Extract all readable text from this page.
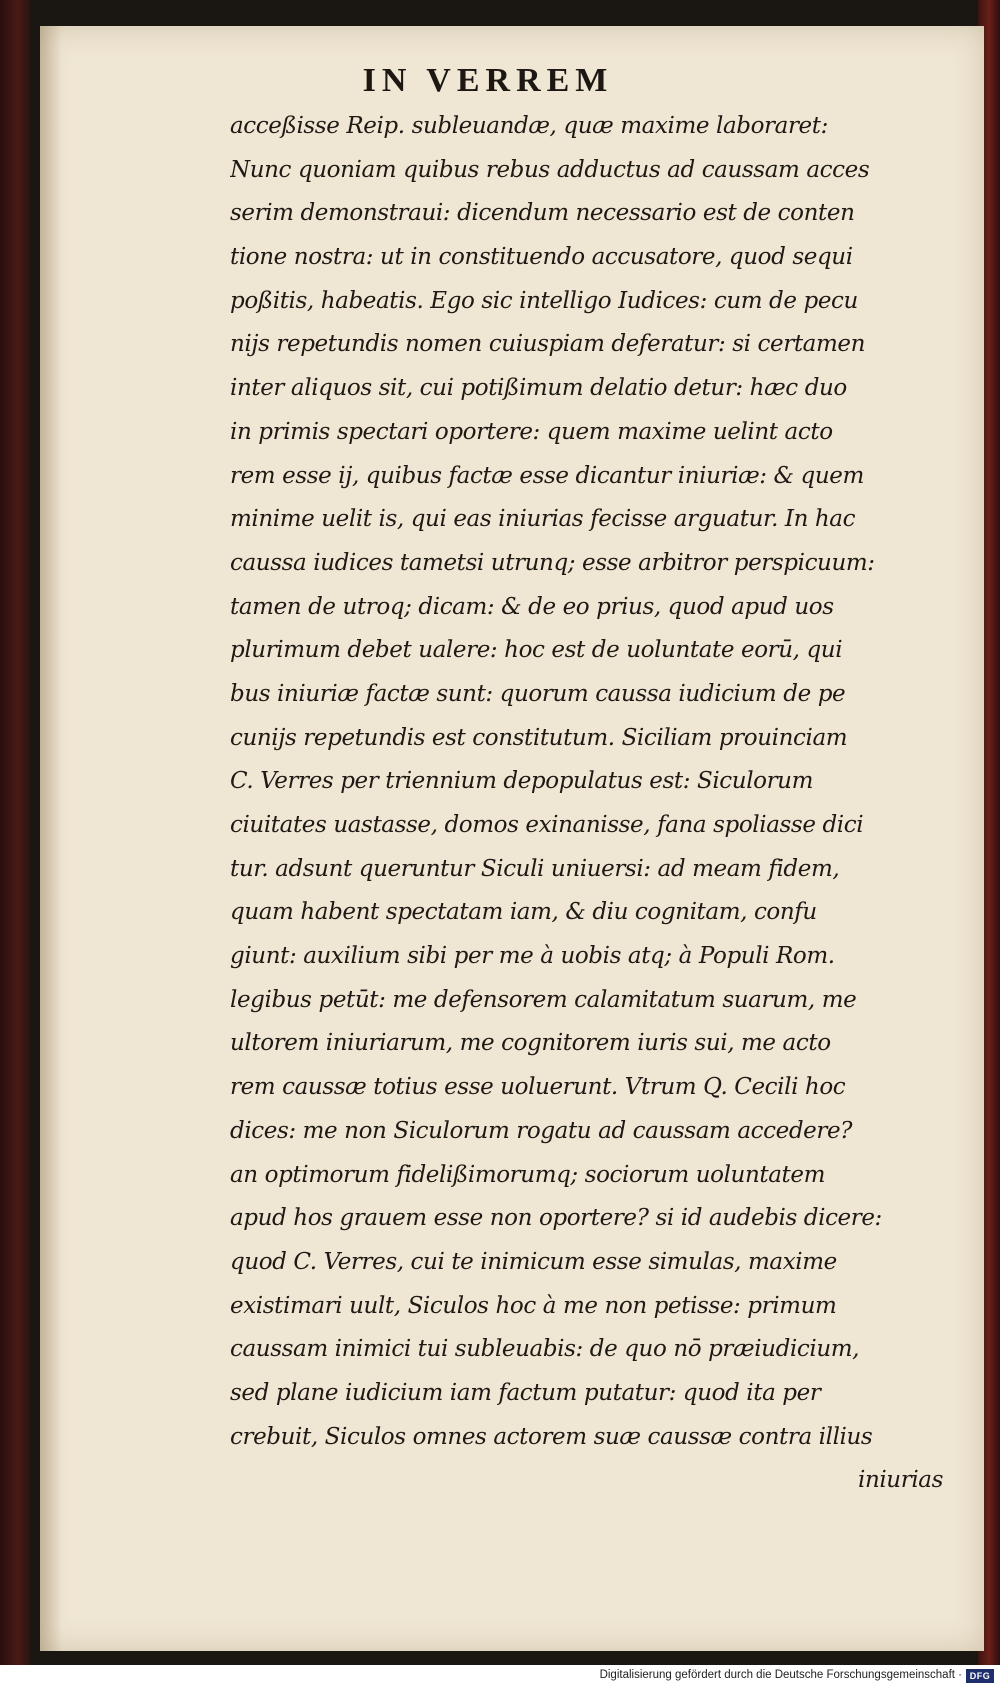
IN VERREM
acceßisse Reip. subleuandæ, quæ maxime laboraret:
Nunc quoniam quibus rebus adductus ad caussam acces
serim demonstraui: dicendum necessario est de conten
tione nostra: ut in constituendo accusatore, quod sequi
poßitis, habeatis. Ego sic intelligo Iudices: cum de pecu
nijs repetundis nomen cuiuspiam deferatur: si certamen
inter aliquos sit, cui potißimum delatio detur: hæc duo
in primis spectari oportere: quem maxime uelint acto
rem esse ij, quibus factæ esse dicantur iniuriæ: & quem
minime uelit is, qui eas iniurias fecisse arguatur. In hac
caussa iudices tametsi utrunq; esse arbitror perspicuum:
tamen de utroq; dicam: & de eo prius, quod apud uos
plurimum debet ualere: hoc est de uoluntate eorū, qui
bus iniuriæ factæ sunt: quorum caussa iudicium de pe
cunijs repetundis est constitutum. Siciliam prouinciam
C. Verres per triennium depopulatus est: Siculorum
ciuitates uastasse, domos exinanisse, fana spoliasse dici
tur. adsunt queruntur Siculi uniuersi: ad meam fidem,
quam habent spectatam iam, & diu cognitam, confu
giunt: auxilium sibi per me à uobis atq; à Populi Rom.
legibus petūt: me defensorem calamitatum suarum, me
ultorem iniuriarum, me cognitorem iuris sui, me acto
rem caussæ totius esse uoluerunt. Vtrum Q. Cecili hoc
dices: me non Siculorum rogatu ad caussam accedere?
an optimorum fidelißimorumq; sociorum uoluntatem
apud hos grauem esse non oportere? si id audebis dicere:
quod C. Verres, cui te inimicum esse simulas, maxime
existimari uult, Siculos hoc à me non petisse: primum
caussam inimici tui subleuabis: de quo nō præiudicium,
sed plane iudicium iam factum putatur: quod ita per
crebuit, Siculos omnes actorem suæ caussæ contra illius
iniurias
Digitalisierung gefördert durch die Deutsche Forschungsgemeinschaft · DFG
